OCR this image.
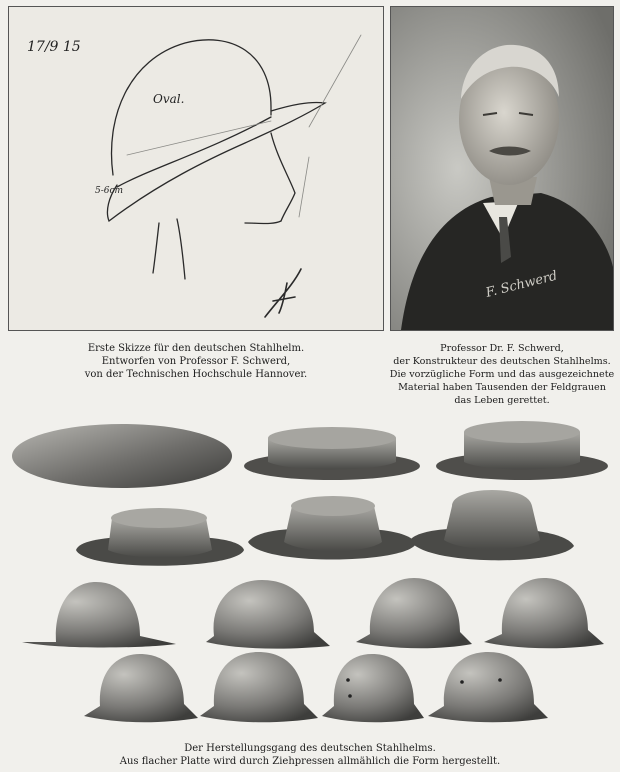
17/9 15
Oval.
5-6cm
F. Schwerd
Erste Skizze für den deutschen Stahlhelm.
Entworfen von Professor F. Schwerd,
von der Technischen Hochschule Hannover.
Professor Dr. F. Schwerd,
der Konstrukteur des deutschen Stahlhelms.
Die vorzügliche Form und das ausgezeichnete
Material haben Tausenden der Feldgrauen
das Leben gerettet.
Der Herstellungsgang des deutschen Stahlhelms.
Aus flacher Platte wird durch Ziehpressen allmählich die Form hergestellt.
